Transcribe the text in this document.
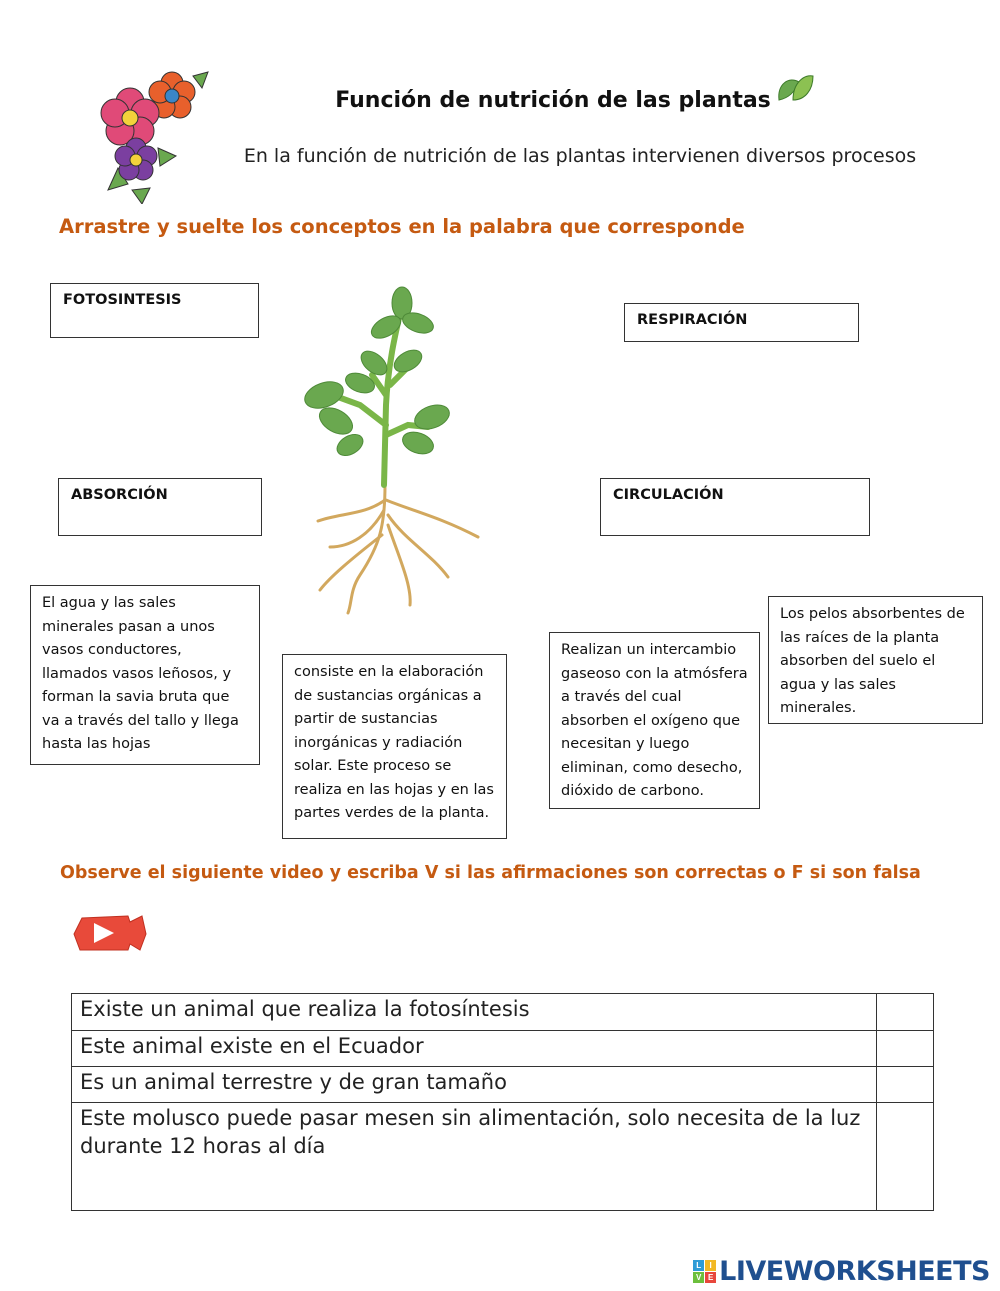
Función de nutrición de las plantas
En la función de nutrición de las plantas intervienen diversos procesos
Arrastre y suelte los conceptos en la palabra que corresponde
FOTOSINTESIS
RESPIRACIÓN
ABSORCIÓN	CIRCULACIÓN
El agua y las sales minerales pasan a unos vasos conductores, llamados vasos leñosos, y forman la savia bruta que va a través del tallo y llega hasta las hojas
consiste en la elaboración de sustancias orgánicas a partir de sustancias inorgánicas y radiación solar. Este proceso se realiza en las hojas y en las partes verdes de la planta.
Realizan un intercambio gaseoso con la atmósfera a través del cual absorben el oxígeno que necesitan y luego eliminan, como desecho, dióxido de carbono.
Los pelos absorbentes de las raíces de la planta absorben del suelo el agua y las sales minerales.
Observe el siguiente video y escriba V si las afirmaciones son correctas o F si son falsa
Existe un animal que realiza la fotosíntesis	
Este animal existe en el Ecuador	
Es un animal terrestre y de gran tamaño	
Este molusco puede pasar mesen sin alimentación, solo necesita de la luz durante 12 horas al día	
L	I
V E LIVEWORKSHEETS
